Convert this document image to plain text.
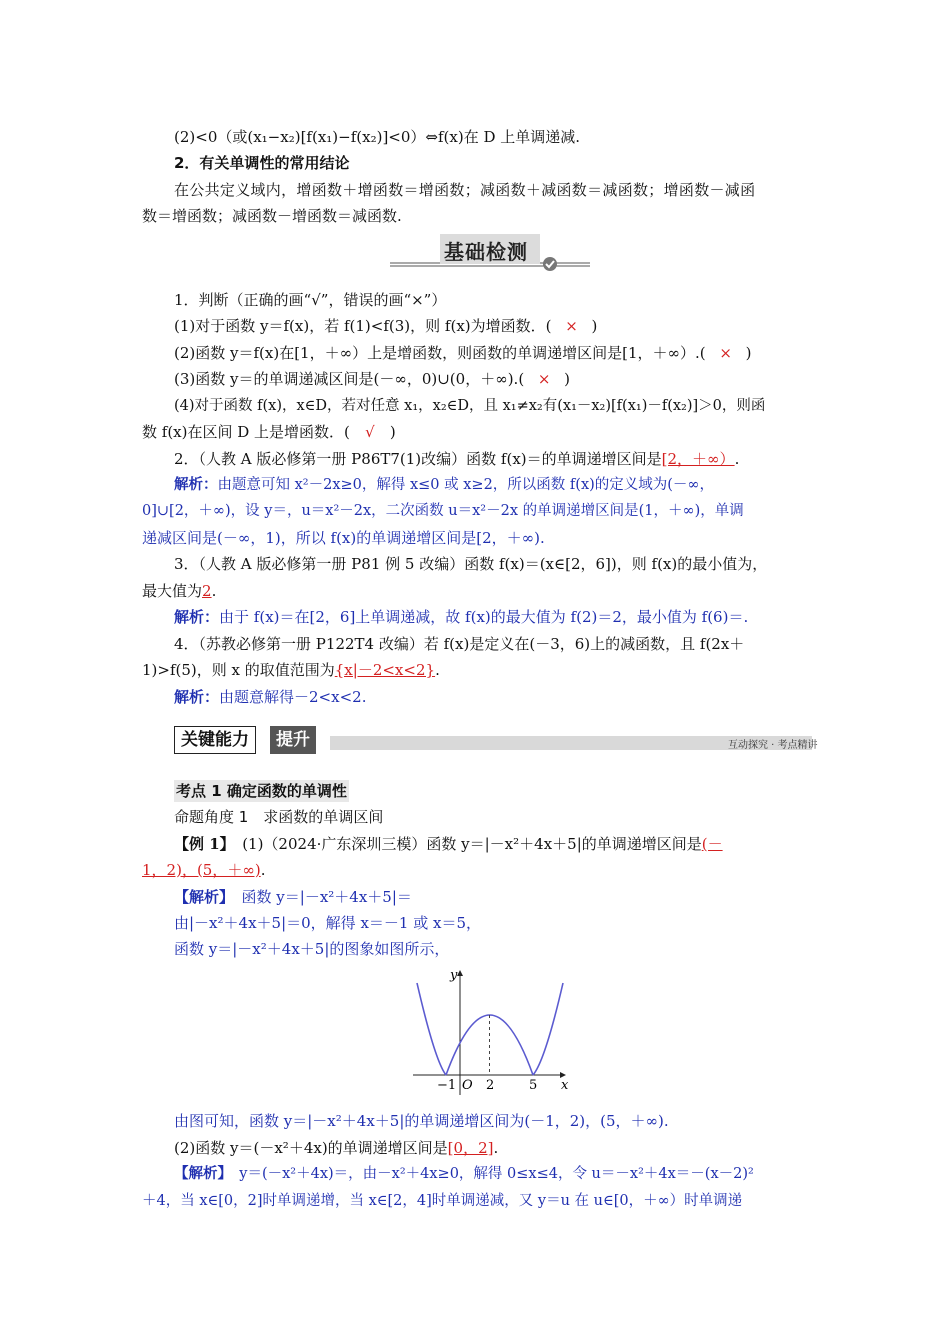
(2)<0（或(x₁−x₂)[f(x₁)−f(x₂)]<0）⇔f(x)在 D 上单调递减.
2．有关单调性的常用结论
在公共定义域内，增函数＋增函数＝增函数；减函数＋减函数＝减函数；增函数－减函
数＝增函数；减函数－增函数＝减函数.
基础检测
1．判断（正确的画“√”，错误的画“×”）
(1)对于函数 y＝f(x)，若 f(1)<f(3)，则 f(x)为增函数．( × )
(2)函数 y＝f(x)在[1，＋∞）上是增函数，则函数的单调递增区间是[1，＋∞）.( × )
(3)函数 y＝的单调递减区间是(－∞，0)∪(0，＋∞).( × )
(4)对于函数 f(x)，x∈D，若对任意 x₁，x₂∈D，且 x₁≠x₂有(x₁－x₂)[f(x₁)－f(x₂)]＞0，则函
数 f(x)在区间 D 上是增函数．( √ )
2．（人教 A 版必修第一册 P86T7(1)改编）函数 f(x)＝的单调递增区间是[2，＋∞）.
解析：由题意可知 x²－2x≥0，解得 x≤0 或 x≥2，所以函数 f(x)的定义域为(－∞，
0]∪[2，＋∞)，设 y＝，u＝x²－2x，二次函数 u＝x²－2x 的单调递增区间是(1，＋∞)，单调
递减区间是(－∞，1)，所以 f(x)的单调递增区间是[2，＋∞).
3．（人教 A 版必修第一册 P81 例 5 改编）函数 f(x)＝(x∈[2，6])，则 f(x)的最小值为，
最大值为2.
解析：由于 f(x)＝在[2，6]上单调递减，故 f(x)的最大值为 f(2)＝2，最小值为 f(6)＝.
4．（苏教必修第一册 P122T4 改编）若 f(x)是定义在(－3，6)上的减函数，且 f(2x＋
1)>f(5)，则 x 的取值范围为{x|－2<x<2}.
解析：由题意解得－2<x<2.
关键能力	提升	互动探究 · 考点精讲
考点 1 确定函数的单调性
命题角度 1　求函数的单调区间
【例 1】　 (1)（2024·广东深圳三模）函数 y＝|－x²＋4x＋5|的单调递增区间是(－
1，2)，(5，＋∞).
【解析】　 函数 y＝|－x²＋4x＋5|＝
由|－x²＋4x＋5|＝0，解得 x＝－1 或 x＝5，
函数 y＝|－x²＋4x＋5|的图象如图所示，
y
x
O
−1 2	5
由图可知，函数 y＝|－x²＋4x＋5|的单调递增区间为(－1，2)，(5，＋∞).
(2)函数 y＝(－x²＋4x)的单调递增区间是[0，2].
【解析】　 y＝(－x²＋4x)＝，由－x²＋4x≥0，解得 0≤x≤4，令 u＝－x²＋4x＝－(x－2)²
＋4，当 x∈[0，2]时单调递增，当 x∈[2，4]时单调递减，又 y＝u 在 u∈[0，＋∞）时单调递
